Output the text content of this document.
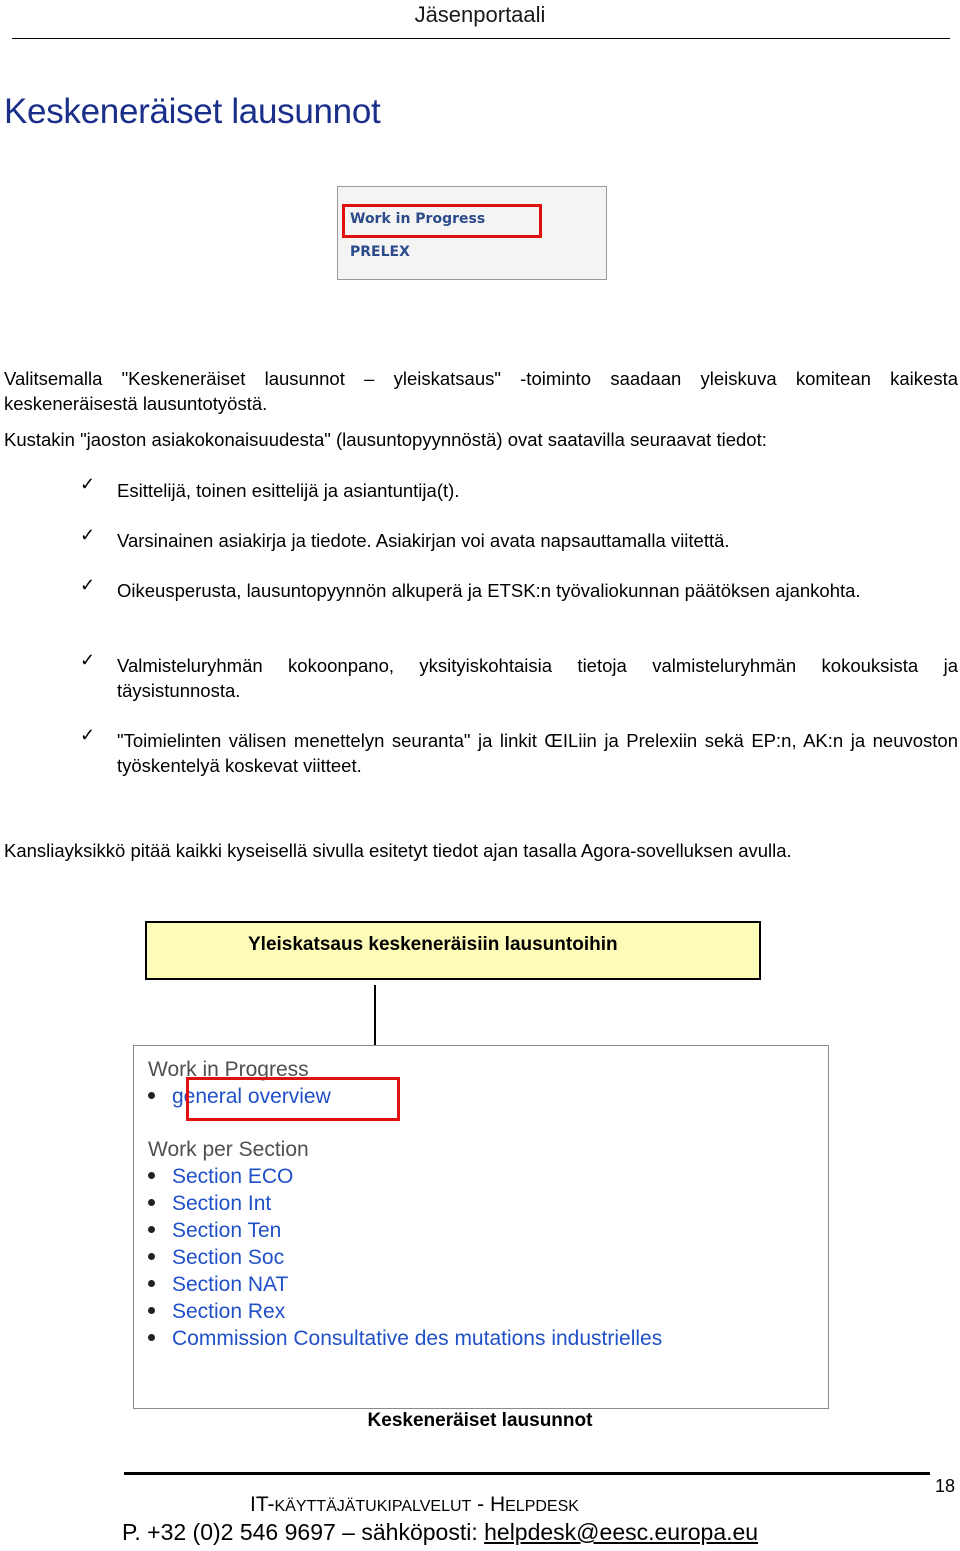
Jäsenportaali
Keskeneräiset lausunnot
Work in Progress
PRELEX
Valitsemalla "Keskeneräiset lausunnot – yleiskatsaus" -toiminto saadaan yleiskuva komitean kaikesta keskeneräisestä lausuntotyöstä.
Kustakin "jaoston asiakokonaisuudesta" (lausuntopyynnöstä) ovat saatavilla seuraavat tiedot:
✓ Esittelijä, toinen esittelijä ja asiantuntija(t).
✓ Varsinainen asiakirja ja tiedote. Asiakirjan voi avata napsauttamalla viitettä.
✓ Oikeusperusta, lausuntopyynnön alkuperä ja ETSK:n työvaliokunnan päätöksen ajankohta.
✓ Valmisteluryhmän kokoonpano, yksityiskohtaisia tietoja valmisteluryhmän kokouksista ja täysistunnosta.
✓ "Toimielinten välisen menettelyn seuranta" ja linkit ŒILiin ja Prelexiin sekä EP:n, AK:n ja neuvoston työskentelyä koskevat viitteet.
Kansliayksikkö pitää kaikki kyseisellä sivulla esitetyt tiedot ajan tasalla Agora-sovelluksen avulla.
Yleiskatsaus keskeneräisiin lausuntoihin
Work in Progress
general overview
Work per Section
Section ECO
Section Int
Section Ten
Section Soc
Section NAT
Section Rex
Commission Consultative des mutations industrielles
Keskeneräiset lausunnot
18
IT-KÄYTTÄJÄTUKIPALVELUT - HELPDESK
P. +32 (0)2 546 9697 – sähköposti: helpdesk@eesc.europa.eu
